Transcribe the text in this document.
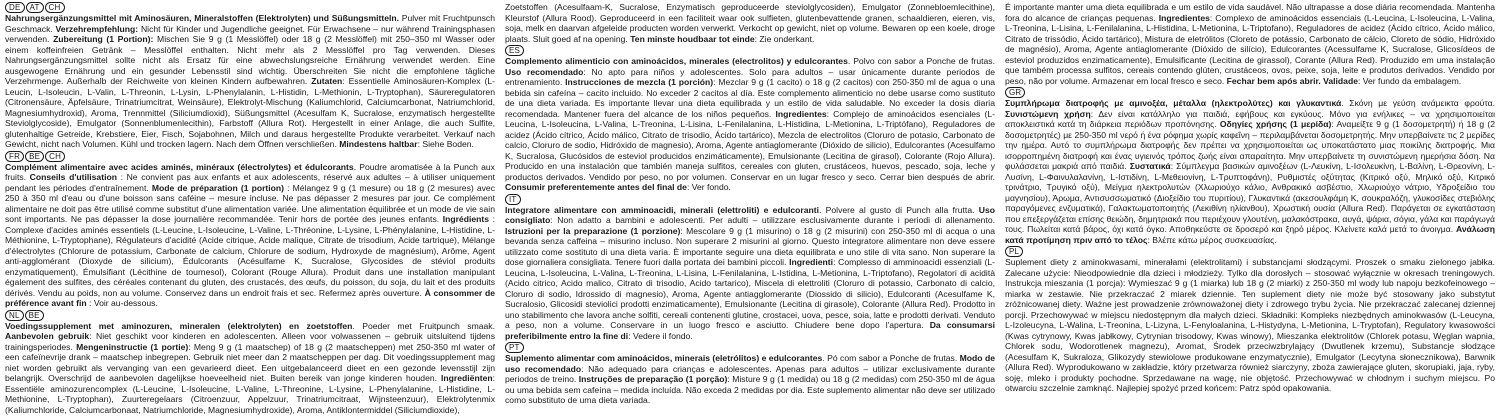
DE AT CH

Nahrungsergänzungsmittel mit Aminosäuren, Mineralstoffen (Elektrolyten) und Süßungsmitteln. Pulver mit Fruchtpunsch Geschmack. Verzehrempfehlung: Nicht für Kinder und Jugendliche geeignet. Für Erwachsene – nur während Trainingsphasen verwenden. Zubereitung (1 Portion): Mischen Sie 9 g (1 Messlöffel) oder 18 g (2 Messlöffel) mit 250–350 ml Wasser oder einem koffeinfreien Getränk – Messlöffel enthalten. Nicht mehr als 2 Messlöffel pro Tag verwenden. Dieses Nahrungsergänzungsmittel sollte nicht als Ersatz für eine abwechslungsreiche Ernährung verwendet werden. Eine ausgewogene Ernährung und ein gesunder Lebensstil sind wichtig. Überschreiten Sie nicht die empfohlene tägliche Verzehrmenge. Außerhalb der Reichweite von kleinen Kindern aufbewahren. Zutaten: Essentielle Aminosäuren-Komplex (L-Leucin, L-Isoleucin, L-Valin, L-Threonin, L-Lysin, L-Phenylalanin, L-Histidin, L-Methionin, L-Tryptophan), Säureregulatoren (Citronensäure, Äpfelsäure, Trinatriumcitrat, Weinsäure), Elektrolyt-Mischung (Kaliumchlorid, Calciumcarbonat, Natriumchlorid, Magnesiumhydroxid), Aroma, Trennmittel (Siliciumdioxid), Süßungsmittel (Acesulfam K, Sucralose, enzymatisch hergestellte Steviolglycoside), Emulgator (Sonnenblumenlecithin), Farbstoff (Allura Rot). Hergestellt in einer Anlage, die auch Sulfite, glutenhaltige Getreide, Krebstiere, Eier, Fisch, Sojabohnen, Milch und daraus hergestellte Produkte verarbeitet. Verkauf nach Gewicht, nicht nach Volumen. Kühl und trocken lagern. Nach dem Öffnen verschließen. Mindestens haltbar: Siehe Boden.

FR BE CH

Complément alimentaire avec acides aminés, minéraux (électrolytes) et édulcorants. Poudre aromatisée à la Punch aux fruits. Conseils d'utilisation : Ne convient pas aux enfants et aux adolescents, réservé aux adultes – à utiliser uniquement pendant les périodes d'entraînement. Mode de préparation (1 portion) : Mélangez 9 g (1 mesure) ou 18 g (2 mesures) avec 250 à 350 ml d'eau ou d'une boisson sans caféine – mesure incluse. Ne pas dépasser 2 mesures par jour. Ce complément alimentaire ne doit pas être utilisé comme substitut d'une alimentation variée. Une alimentation équilibrée et un mode de vie sain sont importants. Ne pas dépasser la dose journalière recommandée. Tenir hors de portée des jeunes enfants. Ingrédients : Complexe d'acides aminés essentiels (L-Leucine, L-Isoleucine, L-Valine, L-Thréonine, L-Lysine, L-Phénylalanine, L-Histidine, L-Méthionine, L-Tryptophane), Régulateurs d'acidité (Acide citrique, Acide malique, Citrate de trisodium, Acide tartrique), Mélange d'électrolytes (Chlorure de potassium, Carbonate de calcium, Chlorure de sodium, Hydroxyde de magnésium), Arôme, Agent anti-agglomérant (Dioxyde de silicium), Édulcorants (Acésulfame K, Sucralose, Glycosides de stéviol produits enzymatiquement), Émulsifiant (Lécithine de tournesol), Colorant (Rouge Allura). Produit dans une installation manipulant également des sulfites, des céréales contenant du gluten, des crustacés, des œufs, du poisson, du soja, du lait et des produits dérivés. Vendu au poids, non au volume. Conservez dans un endroit frais et sec. Refermez après ouverture. À consommer de préférence avant fin : Voir au-dessous.

NL BE

Voedingssupplement met aminozuren, mineralen (elektrolyten) en zoetstoffen. Poeder met Fruitpunch smaak. Aanbevolen gebruik: Niet geschikt voor kinderen en adolescenten. Alleen voor volwassenen – gebruik uitsluitend tijdens trainingsperiodes. Mengeninstructie (1 portie): Meng 9 g (1 maatschep) of 18 g (2 maatscheppen) met 250-350 ml water of een cafeïnevrije drank – maatschep inbegrepen. Gebruik niet meer dan 2 maatscheppen per dag. Dit voedingssupplement mag niet worden gebruikt als vervanging van een gevarieerd dieet. Een uitgebalanceerd dieet en een gezonde levensstijl zijn belangrijk. Overschrijd de aanbevolen dagelijkse hoeveelheid niet. Buiten bereik van jonge kinderen houden. Ingrediënten: Essentiële aminozurencomplex (L-Leucine, L-Isoleucine, L-Valine, L-Threonine, L-Lysine, L-Phenylalanine, L-Histidine, L-Methionine, L-Tryptophan), Zuurteregelaars (Citroenzuur, Appelzuur, Trinatriumcitraat, Wijnsteenzuur), Elektrolytenmix (Kaliumchloride, Calciumcarbonaat, Natriumchloride, Magnesiumhydroxide), Aroma, Antiklontermiddel (Siliciumdioxide),

Zoetstoffen (Acesulfaam-K, Sucralose, Enzymatisch geproduceerde steviolglycosiden), Emulgator (Zonnebloemlecithine), Kleurstof (Allura Rood). Geproduceerd in een faciliteit waar ook sulfieten, glutenbevattende granen, schaaldieren, eieren, vis, soja, melk en daarvan afgeleide producten worden verwerkt. Verkocht op gewicht, niet op volume. Bewaren op een koele, droge plaats. Sluit goed af na opening. Ten minste houdbaar tot einde: Zie onderkant.

ES

Complemento alimenticio con aminoácidos, minerales (electrolitos) y edulcorantes. Polvo con sabor a Ponche de frutas. Uso recomendado: No apto para niños y adolescentes. Solo para adultos – usar únicamente durante periodos de entrenamiento. Instrucciones de mezcla (1 porción): Mezclar 9 g (1 cacito) o 18 g (2 cacitos) con 250-350 ml de agua o una bebida sin cafeína – cacito incluido. No exceder 2 cacitos al día. Este complemento alimenticio no debe usarse como sustituto de una dieta variada. Es importante llevar una dieta equilibrada y un estilo de vida saludable. No exceder la dosis diaria recomendada. Mantener fuera del alcance de los niños pequeños. Ingredientes: Complejo de aminoácidos esenciales (L-Leucina, L-Isoleucina, L-Valina, L-Treonina, L-Lisina, L-Fenilalanina, L-Histidina, L-Metionina, L-Triptófano), Reguladores de acidez (Ácido cítrico, Ácido málico, Citrato de trisodio, Ácido tartárico), Mezcla de electrolitos (Cloruro de potasio, Carbonato de calcio, Cloruro de sodio, Hidróxido de magnesio), Aroma, Agente antiaglomerante (Dióxido de silicio), Edulcorantes (Acesulfamo K, Sucralosa, Glucósidos de esteviol producidos enzimáticamente), Emulsionante (Lecitina de girasol), Colorante (Rojo Allura). Producido en una instalación que también maneja sulfitos, cereales con gluten, crustáceos, huevos, pescado, soja, leche y productos derivados. Vendido por peso, no por volumen. Conservar en un lugar fresco y seco. Cerrar bien después de abrir. Consumir preferentemente antes del final de: Ver fondo.

IT

Integratore alimentare con amminoacidi, minerali (elettroliti) e edulcoranti. Polvere al gusto di Punch alla frutta. Uso consigliato: Non adatto a bambini e adolescenti. Per adulti – utilizzare esclusivamente durante i periodi di allenamento. Istruzioni per la preparazione (1 porzione): Mescolare 9 g (1 misurino) o 18 g (2 misurini) con 250-350 ml di acqua o una bevanda senza caffeina – misurino incluso. Non superare 2 misurini al giorno. Questo integratore alimentare non deve essere utilizzato come sostituto di una dieta varia. È importante seguire una dieta equilibrata e uno stile di vita sano. Non superare la dose giornaliera consigliata. Tenere fuori dalla portata dei bambini piccoli. Ingredienti: Complesso di amminoacidi essenziali (L-Leucina, L-Isoleucina, L-Valina, L-Treonina, L-Lisina, L-Fenilalanina, L-Istidina, L-Metionina, L-Triptofano), Regolatori di acidità (Acido citrico, Acido malico, Citrato di trisodio, Acido tartarico), Miscela di elettroliti (Cloruro di potassio, Carbonato di calcio, Cloruro di sodio, Idrossido di magnesio), Aroma, Agente antiagglomerante (Diossido di silicio), Edulcoranti (Acesulfame K, Sucralosio, Glicosidi steviolici prodotti enzimaticamente), Emulsionante (Lecitina di girasole), Colorante (Allura Red). Prodotto in uno stabilimento che lavora anche solfiti, cereali contenenti glutine, crostacei, uova, pesce, soia, latte e prodotti derivati. Venduto a peso, non a volume. Conservare in un luogo fresco e asciutto. Chiudere bene dopo l'apertura. Da consumarsi preferibilmente entro la fine di: Vedere il fondo.

PT

Suplemento alimentar com aminoácidos, minerais (eletrólitos) e edulcorantes. Pó com sabor a Ponche de frutas. Modo de uso recomendado: Não adequado para crianças e adolescentes. Apenas para adultos – utilizar exclusivamente durante periodos de treino. Instruções de preparação (1 porção): Misture 9 g (1 medida) ou 18 g (2 medidas) com 250-350 ml de água ou uma bebida sem cafeína – medida incluída. Não exceda 2 medidas por dia. Este suplemento alimentar não deve ser utilizado como substituto de uma dieta variada.

É importante manter uma dieta equilibrada e um estilo de vida saudável. Não ultrapasse a dose diária recomendada. Mantenha fora do alcance de crianças pequenas. Ingredientes: Complexo de aminoácidos essenciais (L-Leucina, L-Isoleucina, L-Valina, L-Treonina, L-Lisina, L-Fenilalanina, L-Histidina, L-Metionina, L-Triptofano), Reguladores de acidez (Ácido cítrico, Ácido málico, Citrato de trissódio, Ácido tartárico), Mistura de eletrólitos (Cloreto de potássio, Carbonato de cálcio, Cloreto de sódio, Hidróxido de magnésio), Aroma, Agente antiaglomerante (Dióxido de silício), Edulcorantes (Acessulfame K, Sucralose, Glicosídeos de esteviol produzidos enzimaticamente), Emulsificante (Lecitina de girassol), Corante (Allura Red). Produzido em uma instalação que também processa sulfitos, cereais contendo glúten, crustáceos, ovos, peixe, soja, leite e produtos derivados. Vendido por peso, não por volume. Armazenar em local fresco e seco. Fechar bem após abrir. Validade: Ver fundo da embalagem.

GR

Συμπλήρωμα διατροφής με αμινοξέα, μέταλλα (ηλεκτρολύτες) και γλυκαντικά. Σκόνη με γεύση ανάμεικτα φρούτα. Συνιστώμενη χρήση: Δεν είναι κατάλληλο για παιδιά, εφήβους και εγκύους. Μόνο για ενήλικες – να χρησιμοποιείται αποκλειστικά κατά τη διάρκεια περιόδων προπόνησης. Οδηγίες χρήσης (1 μερίδα): Αναμείξτε 9 g (1 δοσομετρητή) ή 18 g (2 δοσομετρητές) με 250-350 ml νερό ή ένα ρόφημα χωρίς καφεΐνη – περιλαμβάνεται δοσομετρητής. Μην υπερβαίνετε τις 2 μερίδες την ημέρα. Αυτό το συμπλήρωμα διατροφής δεν πρέπει να χρησιμοποιείται ως υποκατάστατο μιας ποικίλης διατροφής. Μια ισορροπημένη διατροφή και ένας υγιεινός τρόπος ζωής είναι απαραίτητα. Μην υπερβαίνετε τη συνιστώμενη ημερήσια δόση. Να φυλάσσεται μακριά από παιδιά. Συστατικά: Σύμπλεγμα βασικών αμινοξέων (L-Λευκίνη, L-Ισολευκίνη, L-Βαλίνη, L-Θρεονίνη, L-Λυσίνη, L-Φαινυλαλανίνη, L-Ιστιδίνη, L-Μεθειονίνη, L-Τρυπτοφάνη), Ρυθμιστές οξύτητας (Κιτρικό οξύ, Μηλικό οξύ, Κιτρικό τρινάτριο, Τρυγικό οξύ), Μείγμα ηλεκτρολυτών (Χλωριούχο κάλιο, Ανθρακικό ασβέστιο, Χλωριούχο νάτριο, Υδροξείδιο του μαγνησίου), Άρωμα, Αντισυσσωματικό (Διοξείδιο του πυριτίου), Γλυκαντικά (ακεσουλφάμη Κ, σουκραλόζη, γλυκοσίδες στεβιόλης παραγόμενες ενζυματικά), Γαλακτωματοποιητής (Λεκιθίνη ηλίανθου), Χρωστική ουσία (Allura Red). Παράγεται σε εγκατάσταση που επεξεργάζεται επίσης θειώδη, δημητριακά που περιέχουν γλουτένη, μαλακόστρακα, αυγά, ψάρια, σόγια, γάλα και παράγωγά τους. Πωλείται κατά βάρος, όχι κατά όγκο. Αποθηκεύστε σε δροσερό και ξηρό μέρος. Κλείνετε καλά μετά το άνοιγμα. Ανάλωση κατά προτίμηση πριν από το τέλος: Βλέπε κάτω μέρος συσκευασίας.

PL

Suplement diety z aminokwasami, minerałami (elektrolitami) i substancjami słodzącymi. Proszek o smaku zielonego jabłka. Zalecane użycie: Nieodpowiednie dla dzieci i młodzieży. Tylko dla dorosłych – stosować wyłącznie w okresach treningowych. Instrukcja mieszania (1 porcja): Wymieszać 9 g (1 miarka) lub 18 g (2 miarki) z 250-350 ml wody lub napoju bezkofeinowego – miarka w zestawie. Nie przekraczać 2 miarek dziennie. Ten suplement diety nie może być stosowany jako substytut zróżnicowanej diety. Ważne jest prowadzenie zrównoważonej diety i zdrowego trybu życia. Nie przekraczać zalecanej dziennej porcji. Przechowywać w miejscu niedostępnym dla małych dzieci. Składniki: Kompleks niezbędnych aminokwasów (L-Leucyna, L-Izoleucyna, L-Walina, L-Treonina, L-Lizyna, L-Fenyloalanina, L-Histydyna, L-Metionina, L-Tryptofan), Regulatory kwasowości (Kwas cytrynowy, Kwas jabłkowy, Cytrynian trisodowy, Kwas winowy), Mieszanka elektrolitów (Chlorek potasu, Węglan wapnia, Chlorek sodu, Wodorotlenek magnezu), Aromat, Środek przeciwzbrylający (Dwutlenek krzemu), Substancje słodzące (Acesulfam K, Sukraloza, Glikozydy stewiolowe produkowane enzymatycznie), Emulgator (Lecytyna słonecznikowa), Barwnik (Allura Red). Wyprodukowano w zakładzie, który przetwarza również siarczyny, zboża zawierające gluten, skorupiaki, jaja, ryby, soję, mleko i produkty pochodne. Sprzedawane na wagę, nie objętość. Przechowywać w chłodnym i suchym miejscu. Po otwarciu szczelnie zamknąć. Najlepiej spożyć przed końcem: Patrz spód opakowania.
